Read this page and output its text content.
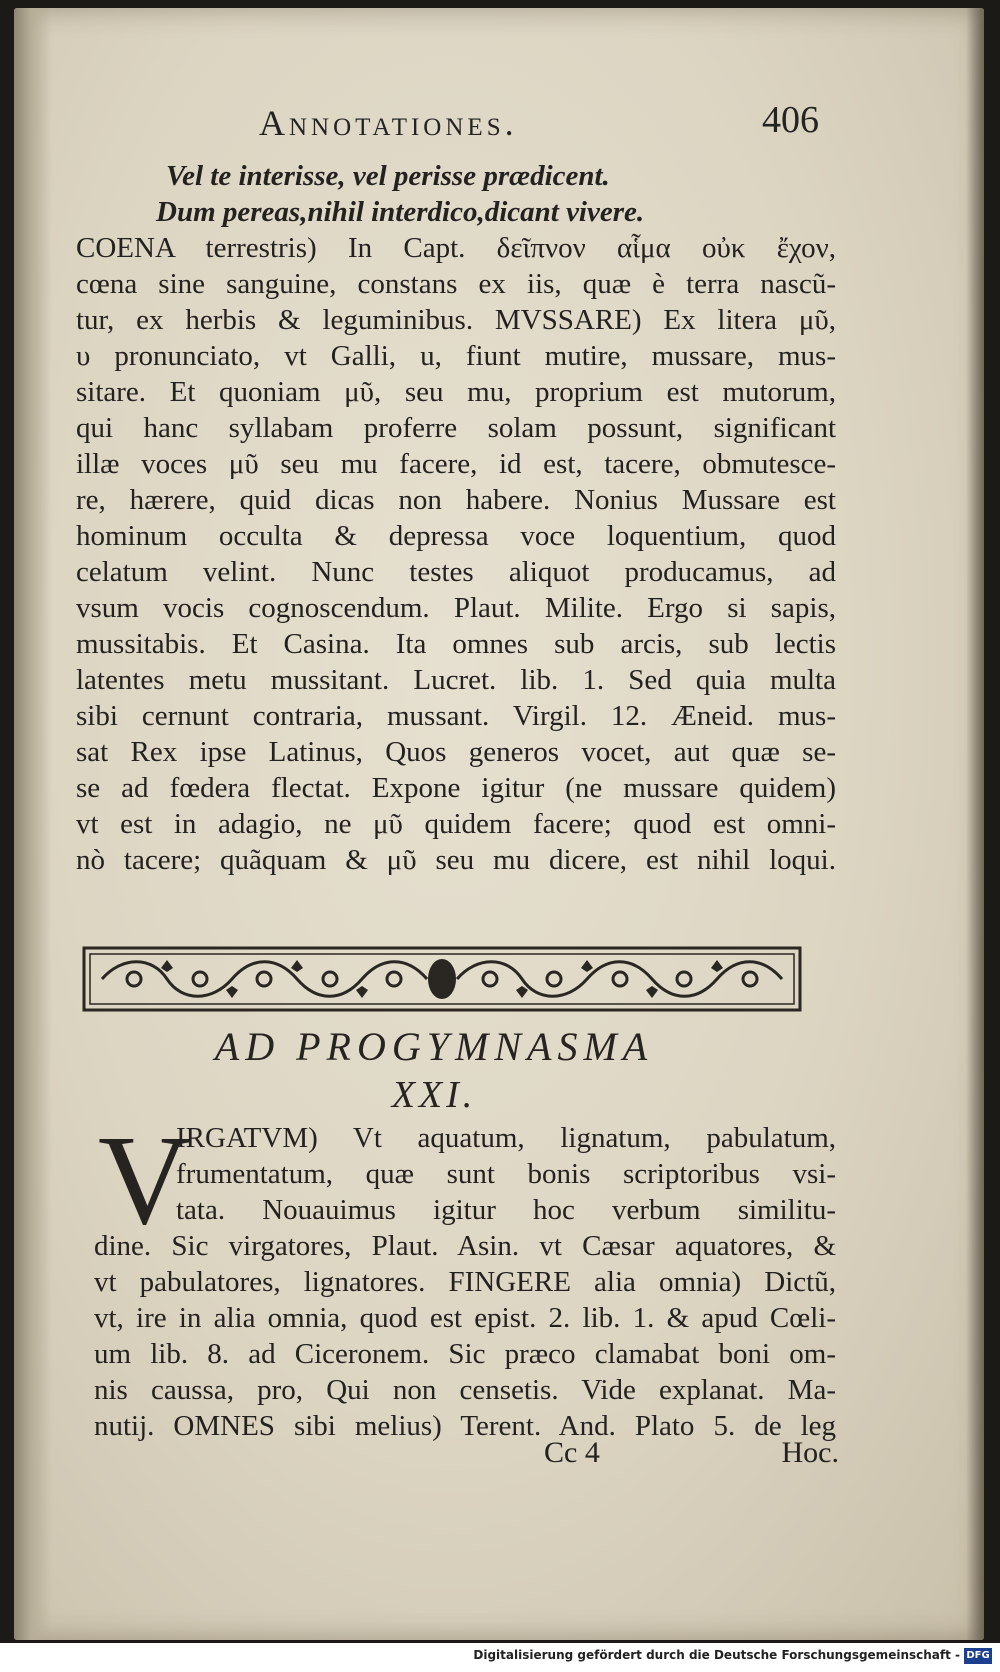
Annotationes.	406
Vel te interisse, vel perisse prædicent.
Dum pereas,nihil interdico,dicant vivere.
COENA terrestris) In Capt. δεῖπνον αἷμα οὐκ ἔχον,
cœna sine sanguine, constans ex iis, quæ è terra nascũ-
tur, ex herbis & leguminibus. MVSSARE) Ex litera μῦ,
υ pronunciato, vt Galli, u, fiunt mutire, mussare, mus-
sitare. Et quoniam μῦ, seu mu, proprium est mutorum,
qui hanc syllabam proferre solam possunt, significant
illæ voces μῦ seu mu facere, id est, tacere, obmutesce-
re, hærere, quid dicas non habere. Nonius Mussare est
hominum occulta & depressa voce loquentium, quod
celatum velint. Nunc testes aliquot producamus, ad
vsum vocis cognoscendum. Plaut. Milite. Ergo si sapis,
mussitabis. Et Casina. Ita omnes sub arcis, sub lectis
latentes metu mussitant. Lucret. lib. 1. Sed quia multa
sibi cernunt contraria, mussant. Virgil. 12. Æneid. mus-
sat Rex ipse Latinus, Quos generos vocet, aut quæ se-
se ad fœdera flectat. Expone igitur (ne mussare quidem)
vt est in adagio, ne μῦ quidem facere; quod est omni-
nò tacere; quãquam & μῦ seu mu dicere, est nihil loqui.
AD PROGYMNASMA
XXI.
V
IRGATVM) Vt aquatum, lignatum, pabulatum,
frumentatum, quæ sunt bonis scriptoribus vsi-
tata. Nouauimus igitur hoc verbum similitu-
dine. Sic virgatores, Plaut. Asin. vt Cæsar aquatores, &
vt pabulatores, lignatores. FINGERE alia omnia) Dictũ,
vt, ire in alia omnia, quod est epist. 2. lib. 1. & apud Cœli-
um lib. 8. ad Ciceronem. Sic præco clamabat boni om-
nis caussa, pro, Qui non censetis. Vide explanat. Ma-
nutij. OMNES sibi melius) Terent. And. Plato 5. de leg
Cc 4	Hoc.
Digitalisierung gefördert durch die Deutsche Forschungsgemeinschaft - DFG
